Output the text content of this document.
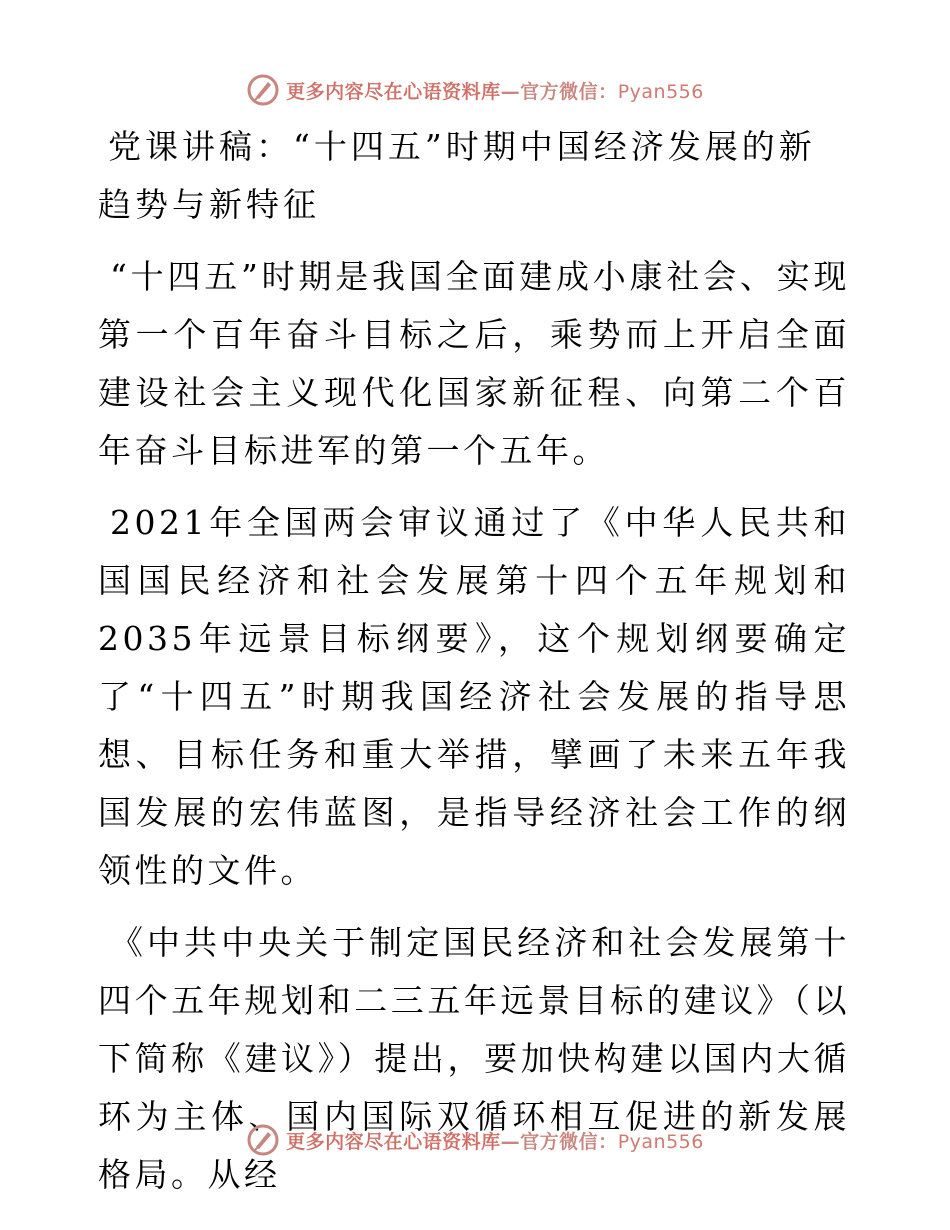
更多内容尽在心语资料库—官方微信：Pyan556
党课讲稿：“十四五”时期中国经济发展的新趋势与新特征

“十四五”时期是我国全面建成小康社会、实现第一个百年奋斗目标之后，乘势而上开启全面建设社会主义现代化国家新征程、向第二个百年奋斗目标进军的第一个五年。

2021年全国两会审议通过了《中华人民共和国国民经济和社会发展第十四个五年规划和2035年远景目标纲要》，这个规划纲要确定了“十四五”时期我国经济社会发展的指导思想、目标任务和重大举措，擘画了未来五年我国发展的宏伟蓝图，是指导经济社会工作的纲领性的文件。

《中共中央关于制定国民经济和社会发展第十四个五年规划和二三五年远景目标的建议》（以下简称《建议》）提出，要加快构建以国内大循环为主体、国内国际双循环相互促进的新发展格局。从经

更多内容尽在心语资料库—官方微信：Pyan556
